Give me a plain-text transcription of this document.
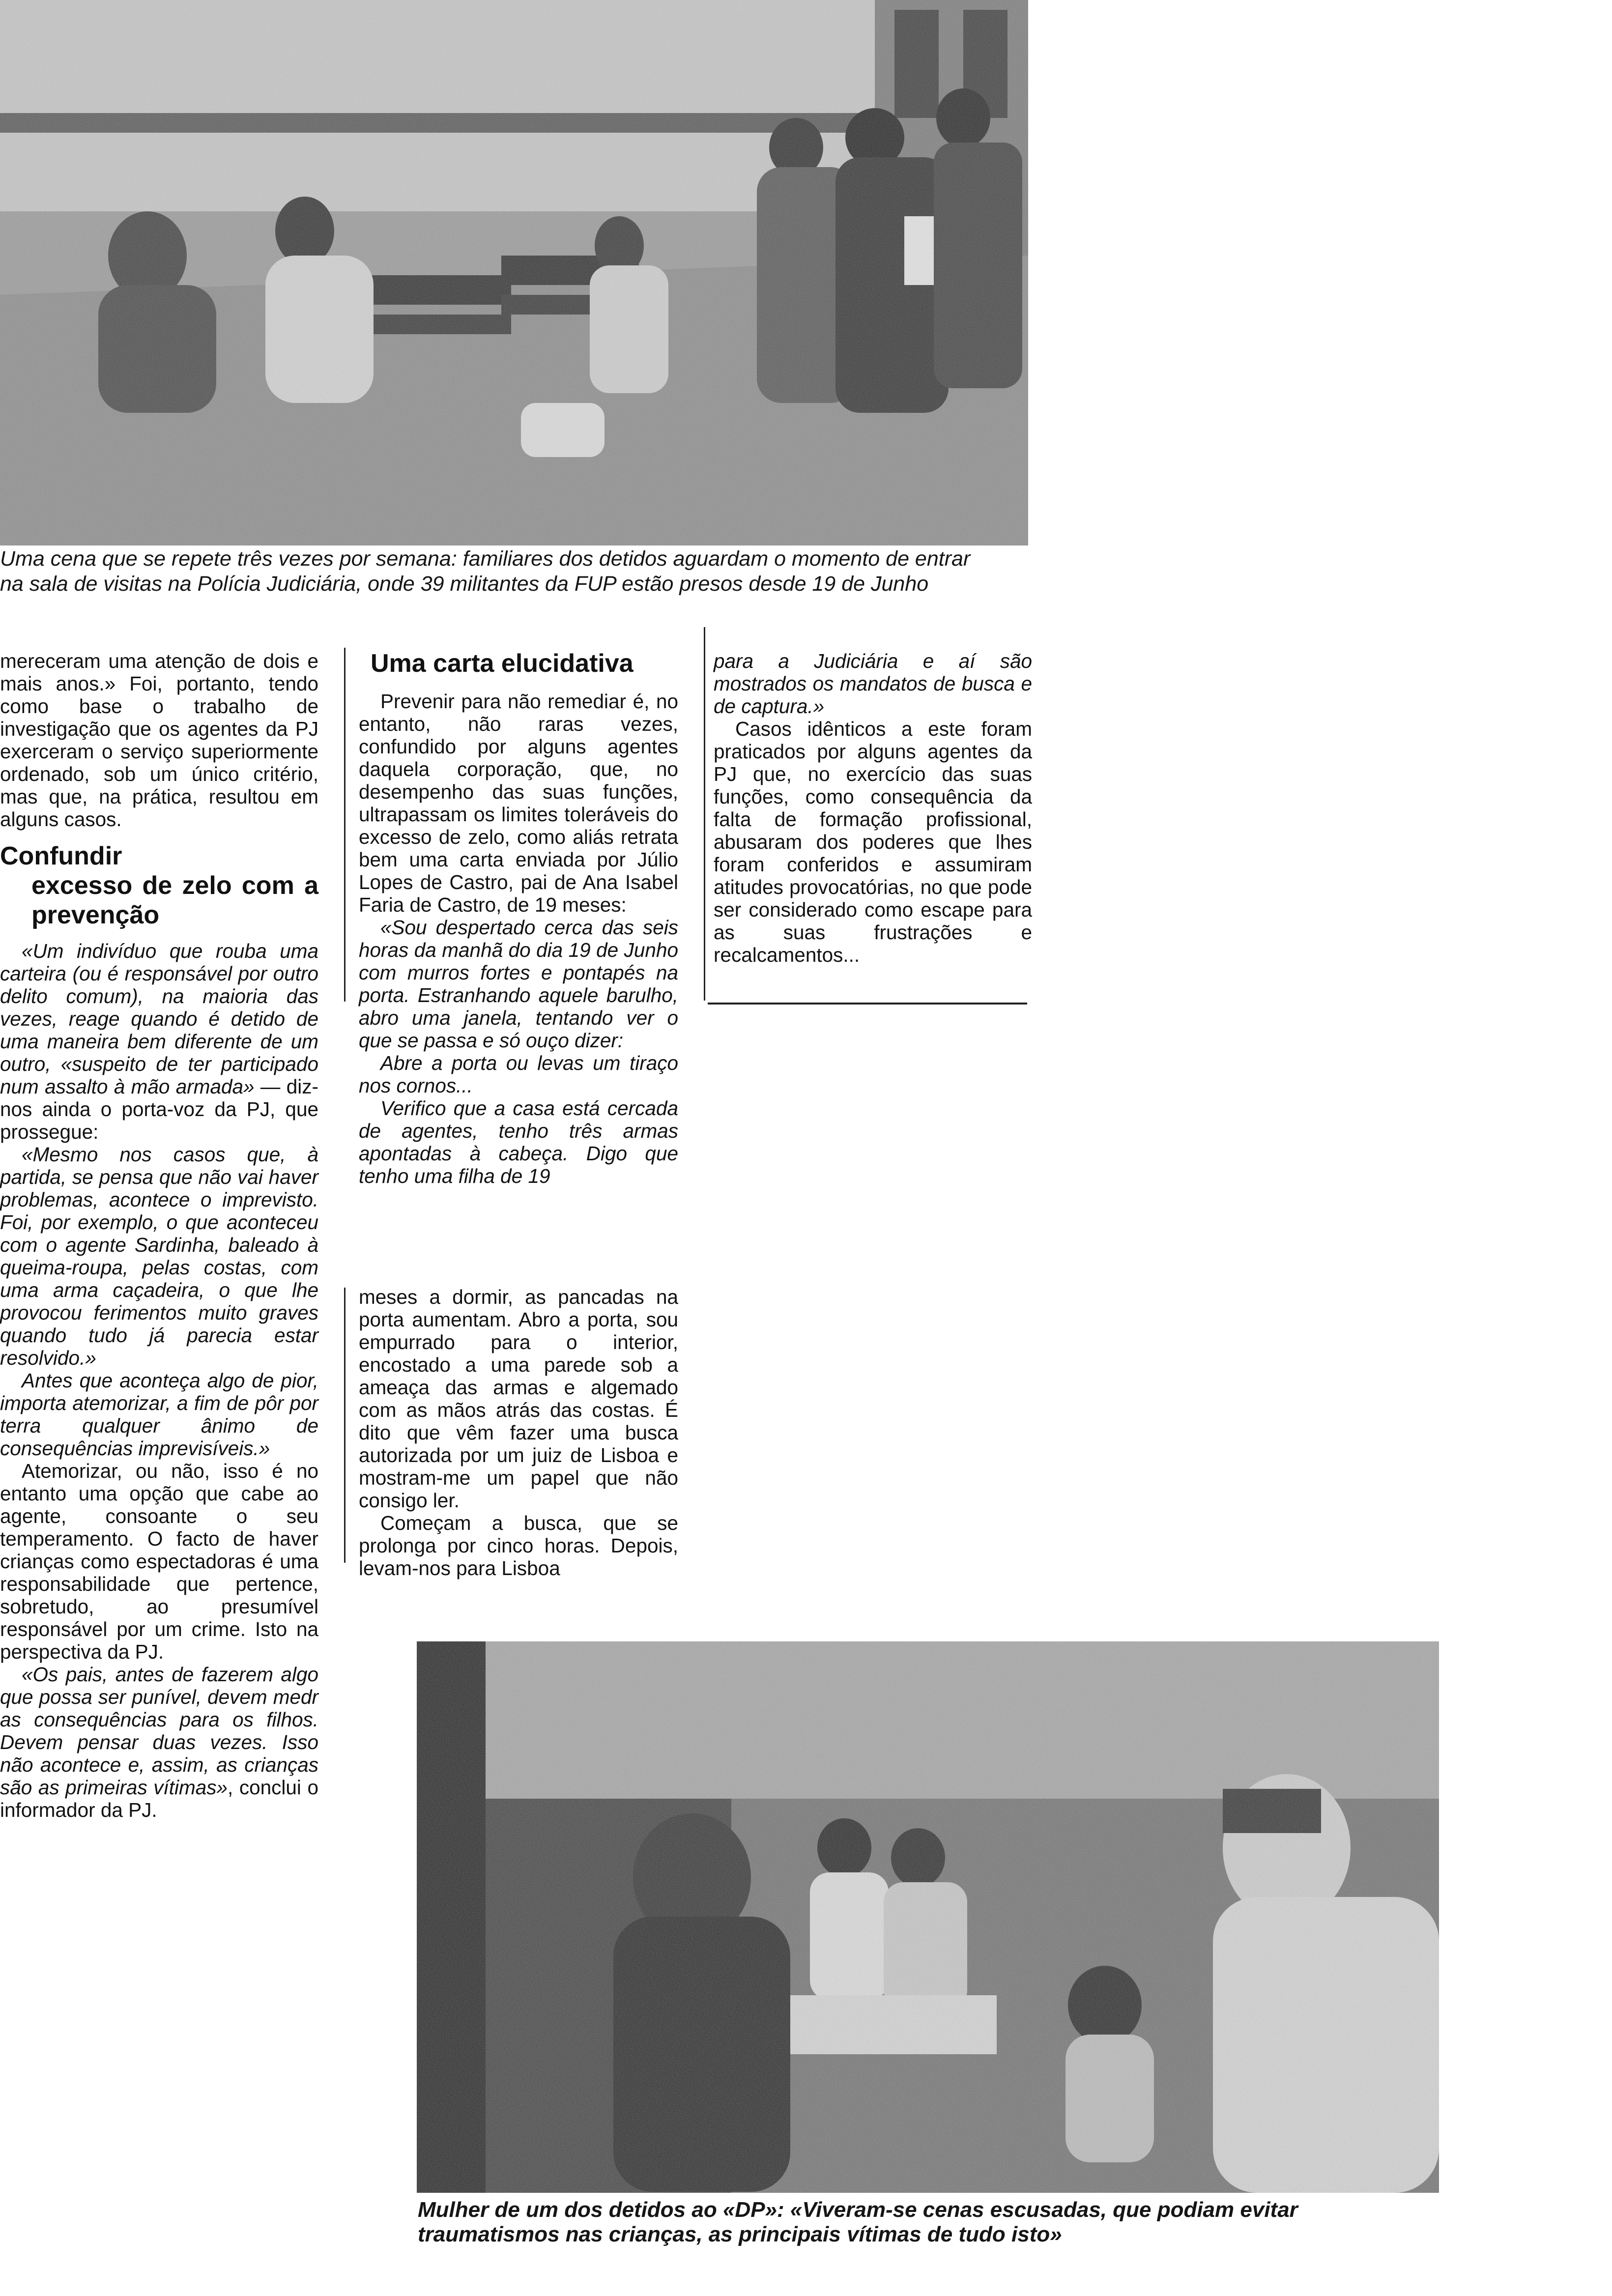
Uma cena que se repete três vezes por semana: familiares dos detidos aguardam o momento de entrar na sala de visitas na Polícia Judiciária, onde 39 militantes da FUP estão presos desde 19 de Junho

mereceram uma atenção de dois e mais anos.» Foi, portanto, tendo como base o trabalho de investigação que os agentes da PJ exerceram o serviço superiormente ordenado, sob um único critério, mas que, na prática, resultou em alguns casos.

Confundir
excesso de zelo com a prevenção

«Um indivíduo que rouba uma carteira (ou é responsável por outro delito comum), na maioria das vezes, reage quando é detido de uma maneira bem diferente de um outro, «suspeito de ter participado num assalto à mão armada» — diz-nos ainda o porta-voz da PJ, que prossegue:

«Mesmo nos casos que, à partida, se pensa que não vai haver problemas, acontece o imprevisto. Foi, por exemplo, o que aconteceu com o agente Sardinha, baleado à queima-roupa, pelas costas, com uma arma caçadeira, o que lhe provocou ferimentos muito graves quando tudo já parecia estar resolvido.»

Antes que aconteça algo de pior, importa atemorizar, a fim de pôr por terra qualquer ânimo de consequências imprevisíveis.»

Atemorizar, ou não, isso é no entanto uma opção que cabe ao agente, consoante o seu temperamento. O facto de haver crianças como espectadoras é uma responsabilidade que pertence, sobretudo, ao presumível responsável por um crime. Isto na perspectiva da PJ.

«Os pais, antes de fazerem algo que possa ser punível, devem medr as consequências para os filhos. Devem pensar duas vezes. Isso não acontece e, assim, as crianças são as primeiras vítimas», conclui o informador da PJ.

Uma carta elucidativa

Prevenir para não remediar é, no entanto, não raras vezes, confundido por alguns agentes daquela corporação, que, no desempenho das suas funções, ultrapassam os limites toleráveis do excesso de zelo, como aliás retrata bem uma carta enviada por Júlio Lopes de Castro, pai de Ana Isabel Faria de Castro, de 19 meses:

«Sou despertado cerca das seis horas da manhã do dia 19 de Junho com murros fortes e pontapés na porta. Estranhando aquele barulho, abro uma janela, tentando ver o que se passa e só ouço dizer:

Abre a porta ou levas um tiraço nos cornos...

Verifico que a casa está cercada de agentes, tenho três armas apontadas à cabeça. Digo que tenho uma filha de 19

meses a dormir, as pancadas na porta aumentam. Abro a porta, sou empurrado para o interior, encostado a uma parede sob a ameaça das armas e algemado com as mãos atrás das costas. É dito que vêm fazer uma busca autorizada por um juiz de Lisboa e mostram-me um papel que não consigo ler.

Começam a busca, que se prolonga por cinco horas. Depois, levam-nos para Lisboa

para a Judiciária e aí são mostrados os mandatos de busca e de captura.»

Casos idênticos a este foram praticados por alguns agentes da PJ que, no exercício das suas funções, como consequência da falta de formação profissional, abusaram dos poderes que lhes foram conferidos e assumiram atitudes provocatórias, no que pode ser considerado como escape para as suas frustrações e recalcamentos...

Mulher de um dos detidos ao «DP»: «Viveram-se cenas escusadas, que podiam evitar traumatismos nas crianças, as principais vítimas de tudo isto»
